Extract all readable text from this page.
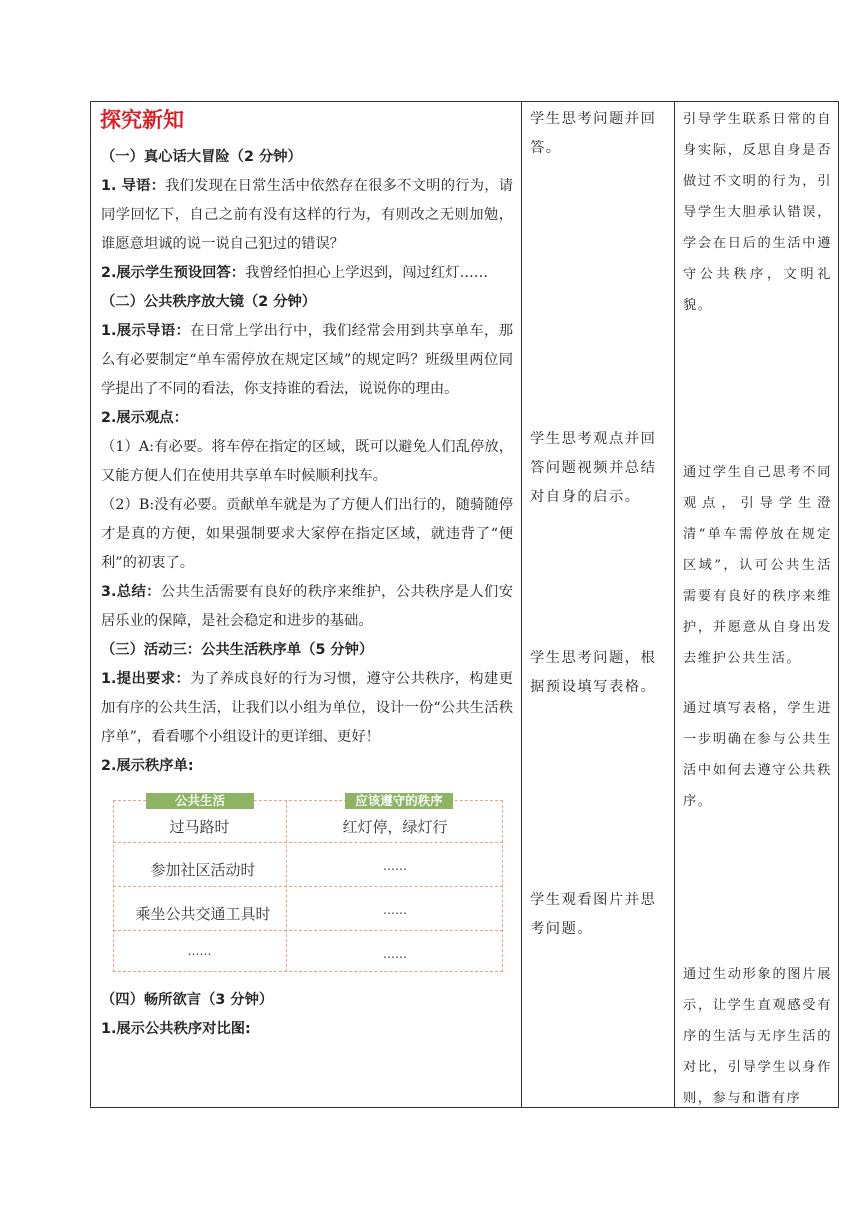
探究新知

（一）真心话大冒险（2 分钟）

1. 导语：我们发现在日常生活中依然存在很多不文明的行为，请同学回忆下，自己之前有没有这样的行为，有则改之无则加勉，谁愿意坦诚的说一说自己犯过的错误？

2.展示学生预设回答：我曾经怕担心上学迟到，闯过红灯……

（二）公共秩序放大镜（2 分钟）

1.展示导语：在日常上学出行中，我们经常会用到共享单车，那么有必要制定“单车需停放在规定区域”的规定吗？班级里两位同学提出了不同的看法，你支持谁的看法，说说你的理由。

2.展示观点：

（1）A:有必要。将车停在指定的区域，既可以避免人们乱停放，又能方便人们在使用共享单车时候顺利找车。

（2）B:没有必要。贡献单车就是为了方便人们出行的，随骑随停才是真的方便，如果强制要求大家停在指定区域，就违背了“便利”的初衷了。

3.总结：公共生活需要有良好的秩序来维护，公共秩序是人们安居乐业的保障，是社会稳定和进步的基础。

（三）活动三：公共生活秩序单（5 分钟）

1.提出要求：为了养成良好的行为习惯，遵守公共秩序，构建更加有序的公共生活，让我们以小组为单位，设计一份“公共生活秩序单”，看看哪个小组设计的更详细、更好！

2.展示秩序单:

公共生活	应该遵守的秩序
过马路时	红灯停，绿灯行
参加社区活动时	……
乘坐公共交通工具时	……
……	……

（四）畅所欲言（3 分钟）

1.展示公共秩序对比图:

学生思考问题并回答。

学生思考观点并回答问题视频并总结对自身的启示。

学生思考问题，根据预设填写表格。

学生观看图片并思考问题。

引导学生联系日常的自身实际，反思自身是否做过不文明的行为，引导学生大胆承认错误，学会在日后的生活中遵守公共秩序，文明礼貌。

通过学生自己思考不同观点，引导学生澄清“单车需停放在规定区域”，认可公共生活需要有良好的秩序来维护，并愿意从自身出发去维护公共生活。

通过填写表格，学生进一步明确在参与公共生活中如何去遵守公共秩序。

通过生动形象的图片展示，让学生直观感受有序的生活与无序生活的对比，引导学生以身作则，参与和谐有序
